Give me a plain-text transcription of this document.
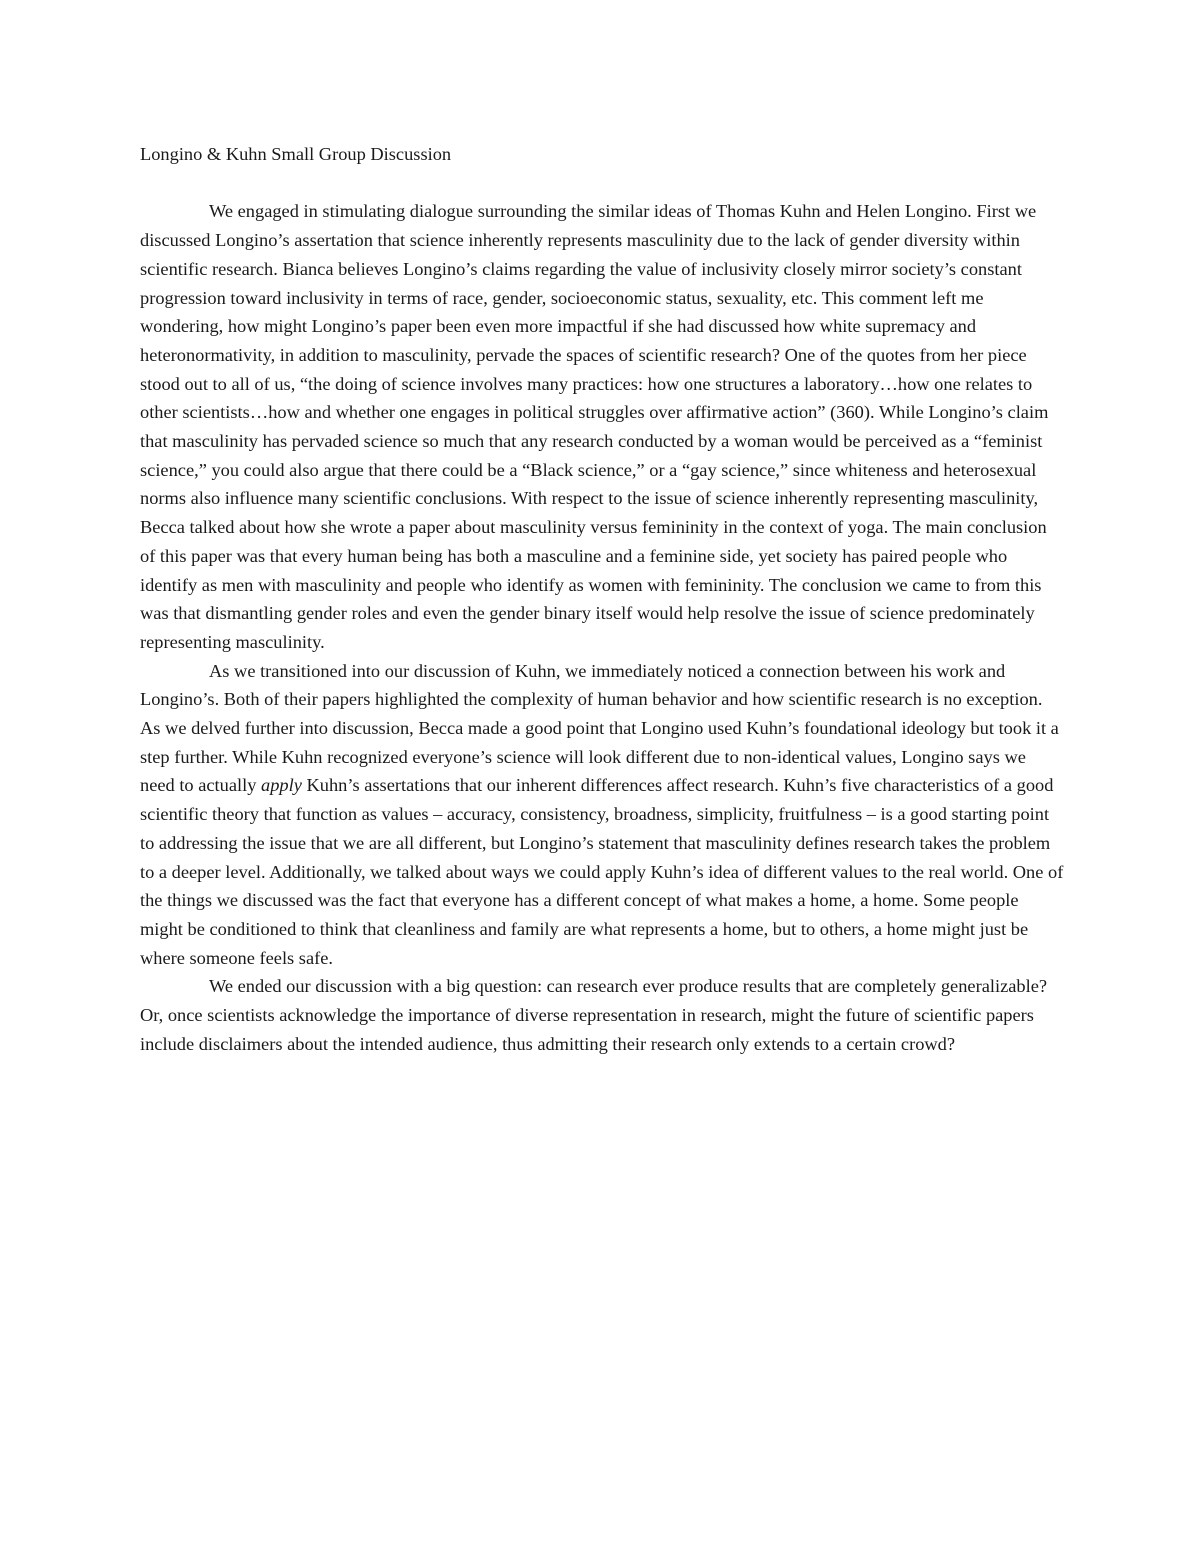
Longino & Kuhn Small Group Discussion

We engaged in stimulating dialogue surrounding the similar ideas of Thomas Kuhn and Helen Longino. First we discussed Longino’s assertation that science inherently represents masculinity due to the lack of gender diversity within scientific research. Bianca believes Longino’s claims regarding the value of inclusivity closely mirror society’s constant progression toward inclusivity in terms of race, gender, socioeconomic status, sexuality, etc. This comment left me wondering, how might Longino’s paper been even more impactful if she had discussed how white supremacy and heteronormativity, in addition to masculinity, pervade the spaces of scientific research? One of the quotes from her piece stood out to all of us, “the doing of science involves many practices: how one structures a laboratory…how one relates to other scientists…how and whether one engages in political struggles over affirmative action” (360). While Longino’s claim that masculinity has pervaded science so much that any research conducted by a woman would be perceived as a “feminist science,” you could also argue that there could be a “Black science,” or a “gay science,” since whiteness and heterosexual norms also influence many scientific conclusions. With respect to the issue of science inherently representing masculinity, Becca talked about how she wrote a paper about masculinity versus femininity in the context of yoga. The main conclusion of this paper was that every human being has both a masculine and a feminine side, yet society has paired people who identify as men with masculinity and people who identify as women with femininity. The conclusion we came to from this was that dismantling gender roles and even the gender binary itself would help resolve the issue of science predominately representing masculinity.

As we transitioned into our discussion of Kuhn, we immediately noticed a connection between his work and Longino’s. Both of their papers highlighted the complexity of human behavior and how scientific research is no exception. As we delved further into discussion, Becca made a good point that Longino used Kuhn’s foundational ideology but took it a step further. While Kuhn recognized everyone’s science will look different due to non-identical values, Longino says we need to actually apply Kuhn’s assertations that our inherent differences affect research. Kuhn’s five characteristics of a good scientific theory that function as values – accuracy, consistency, broadness, simplicity, fruitfulness – is a good starting point to addressing the issue that we are all different, but Longino’s statement that masculinity defines research takes the problem to a deeper level. Additionally, we talked about ways we could apply Kuhn’s idea of different values to the real world. One of the things we discussed was the fact that everyone has a different concept of what makes a home, a home. Some people might be conditioned to think that cleanliness and family are what represents a home, but to others, a home might just be where someone feels safe.

We ended our discussion with a big question: can research ever produce results that are completely generalizable? Or, once scientists acknowledge the importance of diverse representation in research, might the future of scientific papers include disclaimers about the intended audience, thus admitting their research only extends to a certain crowd?
